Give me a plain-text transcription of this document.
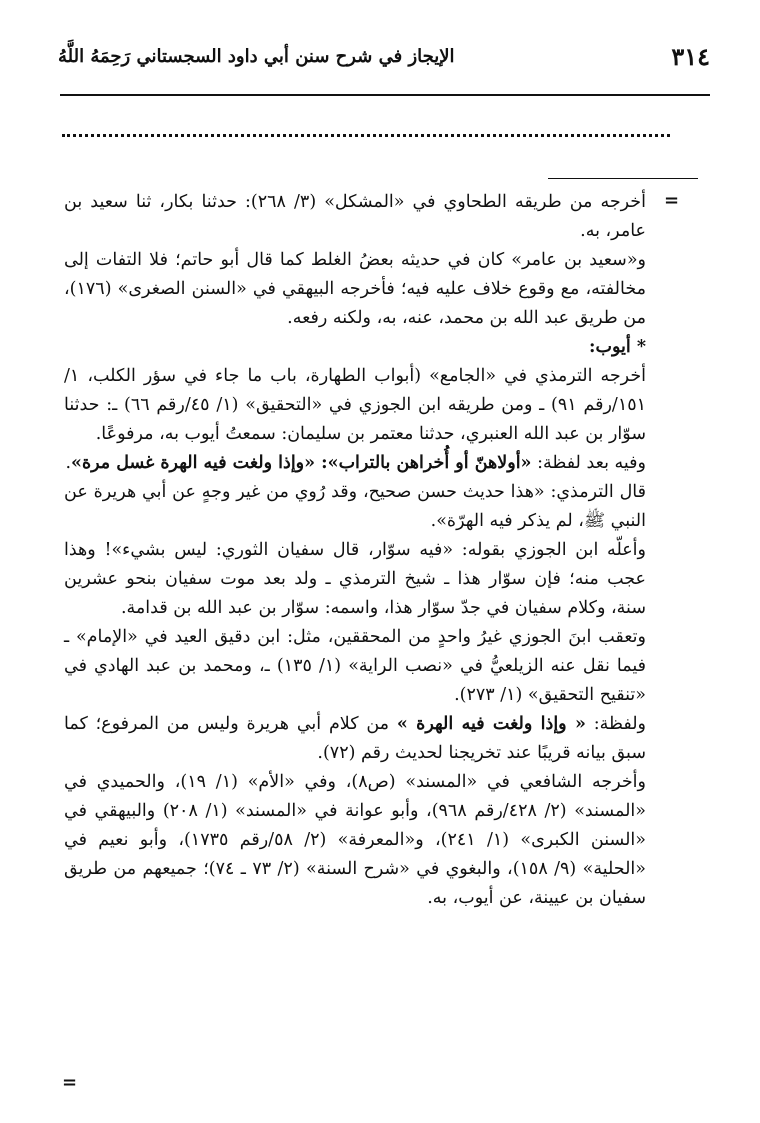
٣١٤
الإيجاز في شرح سنن أبي داود السجستاني رَحِمَهُ اللَّهُ
=

أخرجه من طريقه الطحاوي في «المشكل» (٣/ ٢٦٨): حدثنا بكار، ثنا سعيد بن عامر، به.

و«سعيد بن عامر» كان في حديثه بعضُ الغلط كما قال أبو حاتم؛ فلا التفات إلى مخالفته، مع وقوع خلاف عليه فيه؛ فأخرجه البيهقي في «السنن الصغرى» (١٧٦)، من طريق عبد الله بن محمد، عنه، به، ولكنه رفعه.

* أيوب:

أخرجه الترمذي في «الجامع» (أبواب الطهارة، باب ما جاء في سؤر الكلب، ١/ ١٥١/رقم ٩١) ـ ومن طريقه ابن الجوزي في «التحقيق» (١/ ٤٥/رقم ٦٦) ـ: حدثنا سوّار بن عبد الله العنبري، حدثنا معتمر بن سليمان: سمعتُ أيوب به، مرفوعًا.

وفيه بعد لفظة: «أولاهنّ أو أُخراهن بالتراب»: «وإذا ولغت فيه الهرة غسل مرة».

قال الترمذي: «هذا حديث حسن صحيح، وقد رُوي من غير وجهٍ عن أبي هريرة عن النبي ﷺ، لم يذكر فيه الهرّة».

وأعلّه ابن الجوزي بقوله: «فيه سوّار، قال سفيان الثوري: ليس بشيء»! وهذا عجب منه؛ فإن سوّار هذا ـ شيخ الترمذي ـ ولد بعد موت سفيان بنحو عشرين سنة، وكلام سفيان في جدّ سوّار هذا، واسمه: سوّار بن عبد الله بن قدامة.

وتعقب ابنَ الجوزي غيرُ واحدٍ من المحققين، مثل: ابن دقيق العيد في «الإمام» ـ فيما نقل عنه الزيلعيُّ في «نصب الراية» (١/ ١٣٥) ـ، ومحمد بن عبد الهادي في «تنقيح التحقيق» (١/ ٢٧٣).

ولفظة: « وإذا ولغت فيه الهرة » من كلام أبي هريرة وليس من المرفوع؛ كما سبق بيانه قريبًا عند تخريجنا لحديث رقم (٧٢).

وأخرجه الشافعي في «المسند» (ص٨)، وفي «الأم» (١/ ١٩)، والحميدي في «المسند» (٢/ ٤٢٨/رقم ٩٦٨)، وأبو عوانة في «المسند» (١/ ٢٠٨) والبيهقي في «السنن الكبرى» (١/ ٢٤١)، و«المعرفة» (٢/ ٥٨/رقم ١٧٣٥)، وأبو نعيم في «الحلية» (٩/ ١٥٨)، والبغوي في «شرح السنة» (٢/ ٧٣ ـ ٧٤)؛ جميعهم من طريق سفيان بن عيينة، عن أيوب، به.

=
